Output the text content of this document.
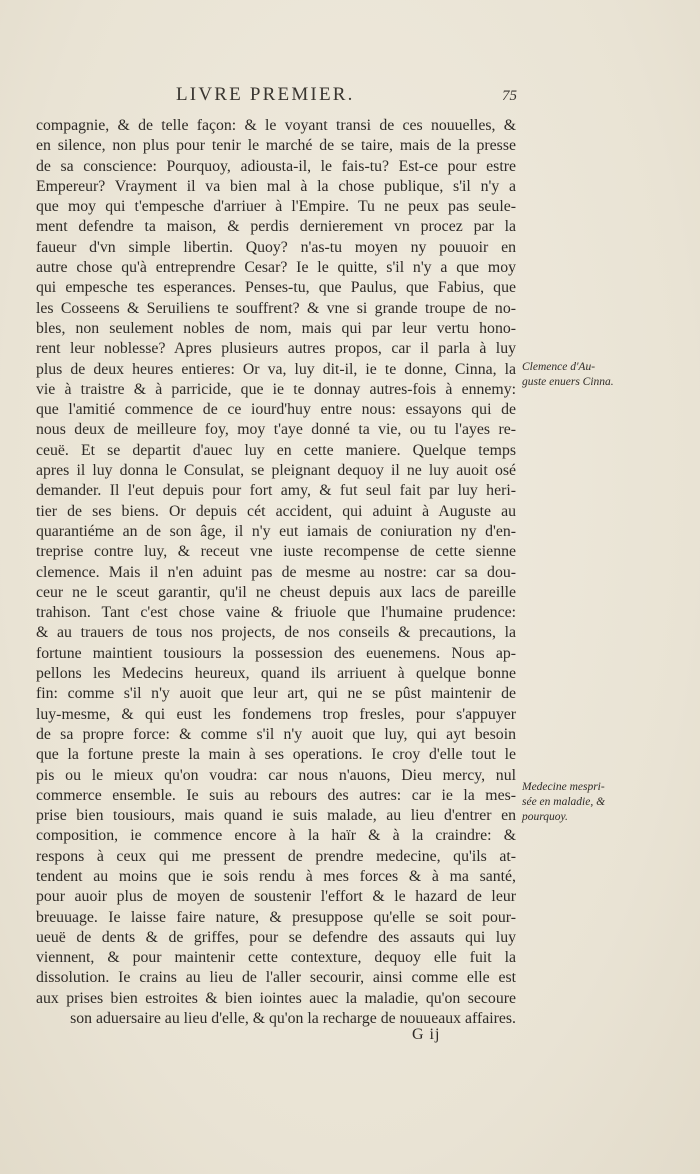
LIVRE PREMIER.	75
compagnie, & de telle façon: & le voyant transi de ces nouuelles, &
en silence, non plus pour tenir le marché de se taire, mais de la presse
de sa conscience: Pourquoy, adiousta-il, le fais-tu? Est-ce pour estre
Empereur? Vrayment il va bien mal à la chose publique, s'il n'y a
que moy qui t'empesche d'arriuer à l'Empire. Tu ne peux pas seule-
ment defendre ta maison, & perdis dernierement vn procez par la
faueur d'vn simple libertin. Quoy? n'as-tu moyen ny pouuoir en
autre chose qu'à entreprendre Cesar? Ie le quitte, s'il n'y a que moy
qui empesche tes esperances. Penses-tu, que Paulus, que Fabius, que
les Cosseens & Seruiliens te souffrent? & vne si grande troupe de no-
bles, non seulement nobles de nom, mais qui par leur vertu hono-
rent leur noblesse? Apres plusieurs autres propos, car il parla à luy
plus de deux heures entieres: Or va, luy dit-il, ie te donne, Cinna, la
vie à traistre & à parricide, que ie te donnay autres-fois à ennemy:
que l'amitié commence de ce iourd'huy entre nous: essayons qui de
nous deux de meilleure foy, moy t'aye donné ta vie, ou tu l'ayes re-
ceuë. Et se departit d'auec luy en cette maniere. Quelque temps
apres il luy donna le Consulat, se pleignant dequoy il ne luy auoit osé
demander. Il l'eut depuis pour fort amy, & fut seul fait par luy heri-
tier de ses biens. Or depuis cét accident, qui aduint à Auguste au
quarantiéme an de son âge, il n'y eut iamais de coniuration ny d'en-
treprise contre luy, & receut vne iuste recompense de cette sienne
clemence. Mais il n'en aduint pas de mesme au nostre: car sa dou-
ceur ne le sceut garantir, qu'il ne cheust depuis aux lacs de pareille
trahison. Tant c'est chose vaine & friuole que l'humaine prudence:
& au trauers de tous nos projects, de nos conseils & precautions, la
fortune maintient tousiours la possession des euenemens. Nous ap-
pellons les Medecins heureux, quand ils arriuent à quelque bonne
fin: comme s'il n'y auoit que leur art, qui ne se pûst maintenir de
luy-mesme, & qui eust les fondemens trop fresles, pour s'appuyer
de sa propre force: & comme s'il n'y auoit que luy, qui ayt besoin
que la fortune preste la main à ses operations. Ie croy d'elle tout le
pis ou le mieux qu'on voudra: car nous n'auons, Dieu mercy, nul
commerce ensemble. Ie suis au rebours des autres: car ie la mes-
prise bien tousiours, mais quand ie suis malade, au lieu d'entrer en
composition, ie commence encore à la haïr & à la craindre: &
respons à ceux qui me pressent de prendre medecine, qu'ils at-
tendent au moins que ie sois rendu à mes forces & à ma santé,
pour auoir plus de moyen de soustenir l'effort & le hazard de leur
breuuage. Ie laisse faire nature, & presuppose qu'elle se soit pour-
ueuë de dents & de griffes, pour se defendre des assauts qui luy
viennent, & pour maintenir cette contexture, dequoy elle fuit la
dissolution. Ie crains au lieu de l'aller secourir, ainsi comme elle est
aux prises bien estroites & bien iointes auec la maladie, qu'on secoure
son aduersaire au lieu d'elle, & qu'on la recharge de nouueaux affaires.
Clemence d'Au-
guste enuers Cinna.
Medecine mespri-
sée en maladie, &
pourquoy.
G ij
